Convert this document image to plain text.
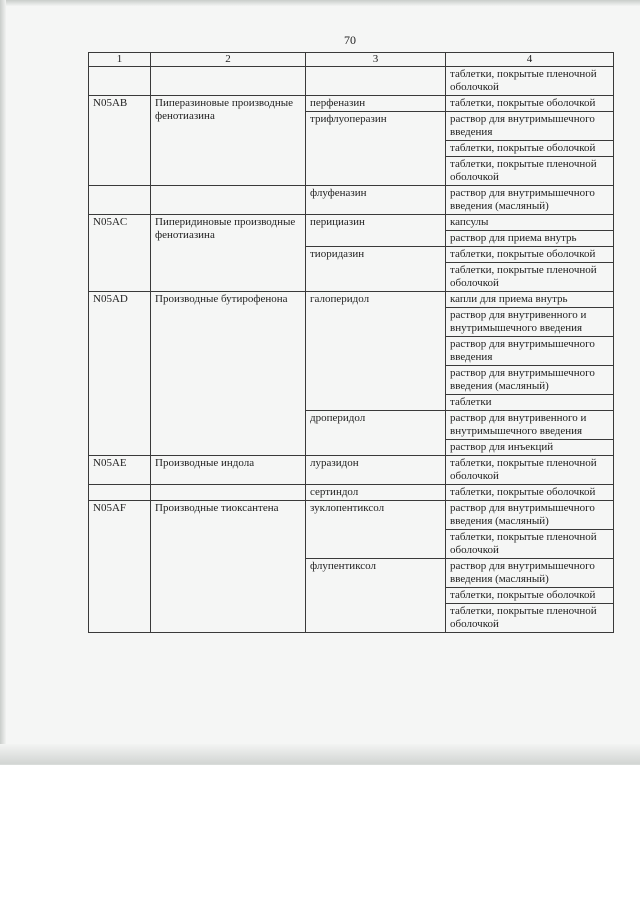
70
1	2	3	4
			таблетки, покрытые пленочной оболочкой
N05AB	Пиперазиновые производные фенотиазина	перфеназин	таблетки, покрытые оболочкой
		трифлуоперазин	раствор для внутримышечного введения
			таблетки, покрытые оболочкой
			таблетки, покрытые пленочной оболочкой
		флуфеназин	раствор для внутримышечного введения (масляный)
N05AC	Пиперидиновые производные фенотиазина	перициазин	капсулы
			раствор для приема внутрь
		тиоридазин	таблетки, покрытые оболочкой
			таблетки, покрытые пленочной оболочкой
N05AD	Производные бутирофенона	галоперидол	капли для приема внутрь
			раствор для внутривенного и внутримышечного введения
			раствор для внутримышечного введения
			раствор для внутримышечного введения (масляный)
			таблетки
		дроперидол	раствор для внутривенного и внутримышечного введения
			раствор для инъекций
N05AE	Производные индола	луразидон	таблетки, покрытые пленочной оболочкой
		сертиндол	таблетки, покрытые оболочкой
N05AF	Производные тиоксантена	зуклопентиксол	раствор для внутримышечного введения (масляный)
			таблетки, покрытые пленочной оболочкой
		флупентиксол	раствор для внутримышечного введения (масляный)
			таблетки, покрытые оболочкой
			таблетки, покрытые пленочной оболочкой
